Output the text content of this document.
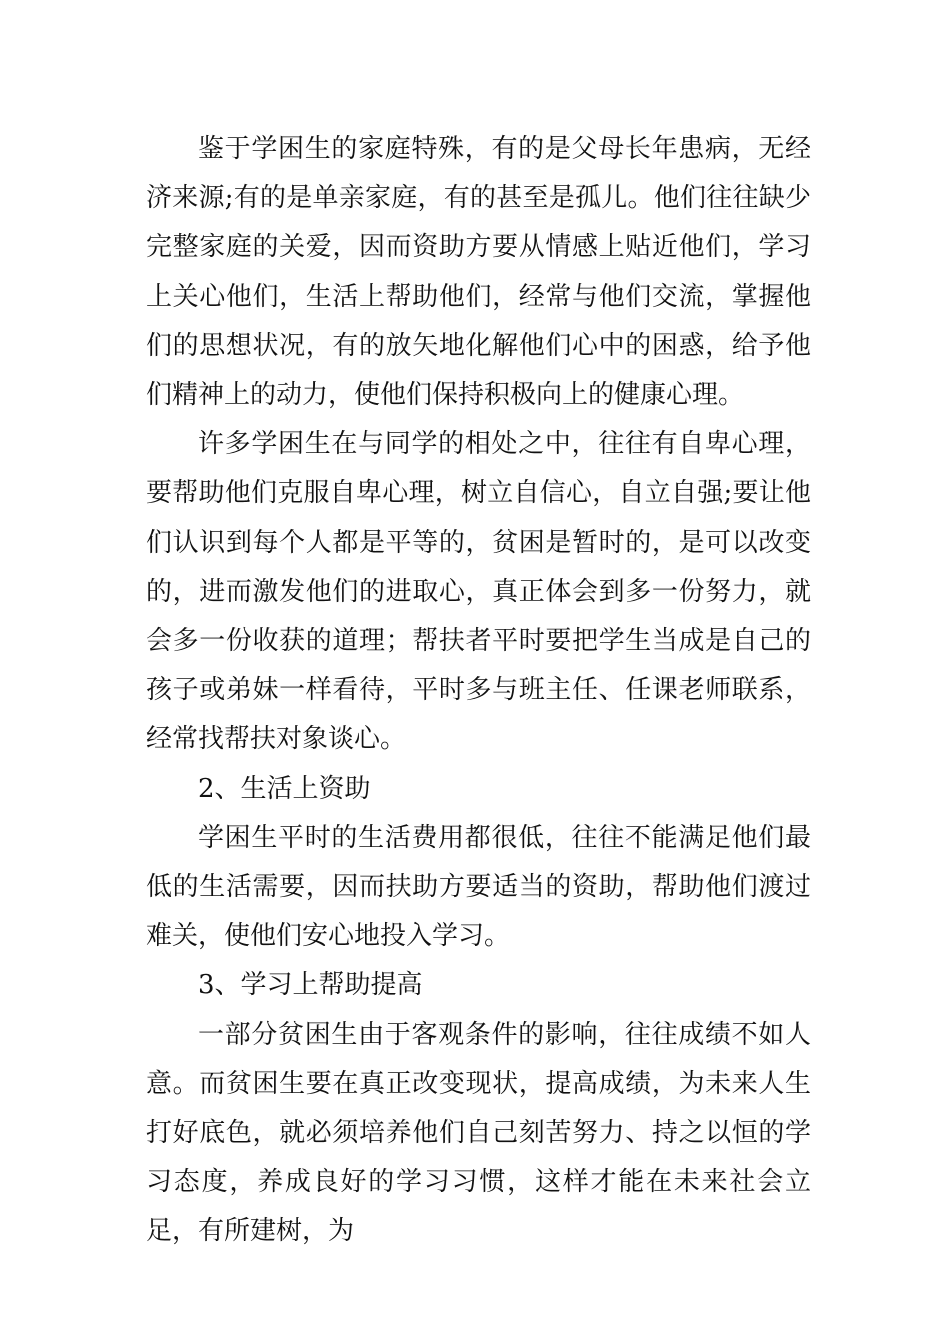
鉴于学困生的家庭特殊，有的是父母长年患病，无经济来源;有的是单亲家庭，有的甚至是孤儿。他们往往缺少完整家庭的关爱，因而资助方要从情感上贴近他们，学习上关心他们，生活上帮助他们，经常与他们交流，掌握他们的思想状况，有的放矢地化解他们心中的困惑，给予他们精神上的动力，使他们保持积极向上的健康心理。

许多学困生在与同学的相处之中，往往有自卑心理，要帮助他们克服自卑心理，树立自信心，自立自强;要让他们认识到每个人都是平等的，贫困是暂时的，是可以改变的，进而激发他们的进取心，真正体会到多一份努力，就会多一份收获的道理；帮扶者平时要把学生当成是自己的孩子或弟妹一样看待，平时多与班主任、任课老师联系，经常找帮扶对象谈心。

2、生活上资助

学困生平时的生活费用都很低，往往不能满足他们最低的生活需要，因而扶助方要适当的资助，帮助他们渡过难关，使他们安心地投入学习。

3、学习上帮助提高

一部分贫困生由于客观条件的影响，往往成绩不如人意。而贫困生要在真正改变现状，提高成绩，为未来人生打好底色，就必须培养他们自己刻苦努力、持之以恒的学习态度，养成良好的学习习惯，这样才能在未来社会立足，有所建树，为
